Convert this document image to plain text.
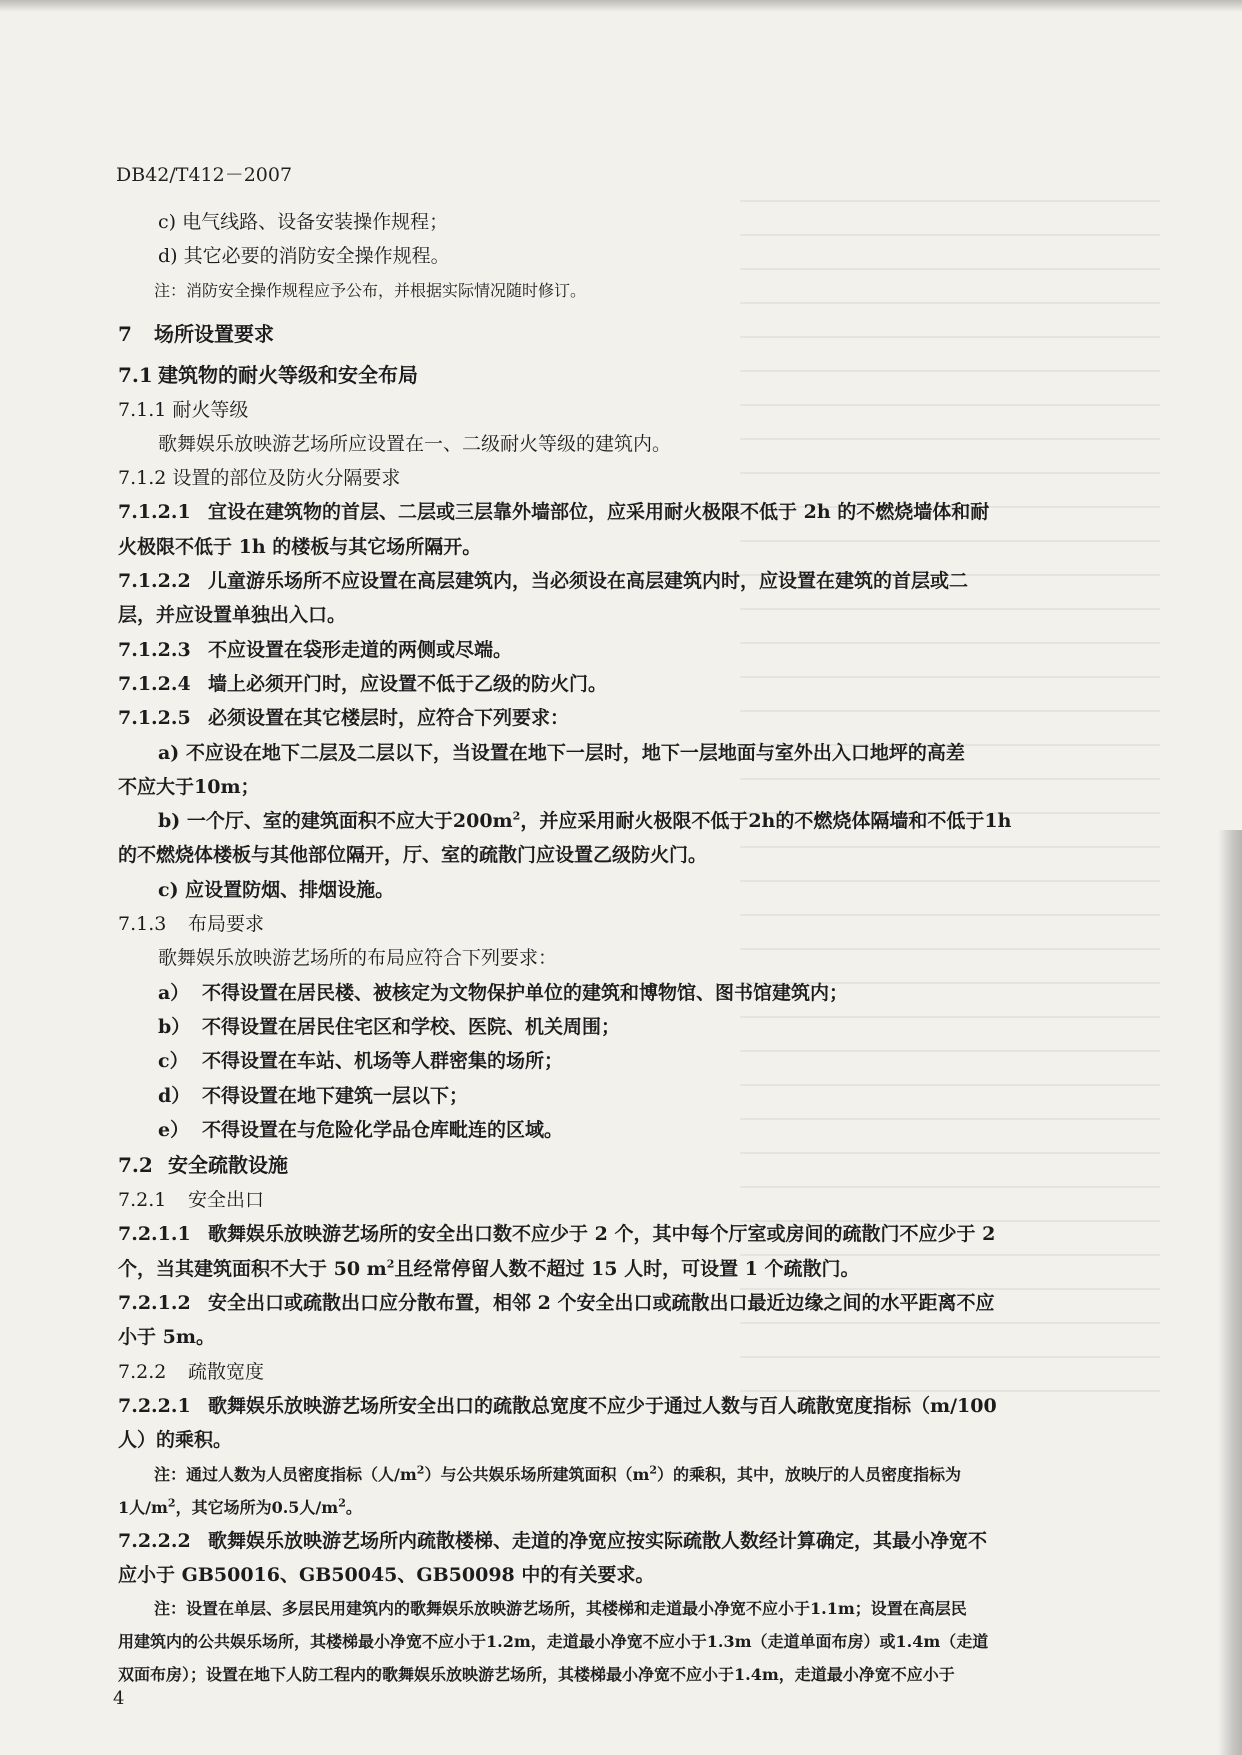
DB42/T412－2007
c) 电气线路、设备安装操作规程；
d) 其它必要的消防安全操作规程。
注：消防安全操作规程应予公布，并根据实际情况随时修订。
7 场所设置要求
7.1 建筑物的耐火等级和安全布局
7.1.1 耐火等级
歌舞娱乐放映游艺场所应设置在一、二级耐火等级的建筑内。
7.1.2 设置的部位及防火分隔要求
7.1.2.1 宜设在建筑物的首层、二层或三层靠外墙部位，应采用耐火极限不低于 2h 的不燃烧墙体和耐
火极限不低于 1h 的楼板与其它场所隔开。
7.1.2.2 儿童游乐场所不应设置在高层建筑内，当必须设在高层建筑内时，应设置在建筑的首层或二
层，并应设置单独出入口。
7.1.2.3 不应设置在袋形走道的两侧或尽端。
7.1.2.4 墙上必须开门时，应设置不低于乙级的防火门。
7.1.2.5 必须设置在其它楼层时，应符合下列要求：
a) 不应设在地下二层及二层以下，当设置在地下一层时，地下一层地面与室外出入口地坪的高差
不应大于10m；
b) 一个厅、室的建筑面积不应大于$200m^2$，并应采用耐火极限不低于2h的不燃烧体隔墙和不低于1h
的不燃烧体楼板与其他部位隔开，厅、室的疏散门应设置乙级防火门。
c) 应设置防烟、排烟设施。
7.1.3 布局要求
歌舞娱乐放映游艺场所的布局应符合下列要求：
a） 不得设置在居民楼、被核定为文物保护单位的建筑和博物馆、图书馆建筑内；
b） 不得设置在居民住宅区和学校、医院、机关周围；
c） 不得设置在车站、机场等人群密集的场所；
d） 不得设置在地下建筑一层以下；
e） 不得设置在与危险化学品仓库毗连的区域。
7.2 安全疏散设施
7.2.1 安全出口
7.2.1.1 歌舞娱乐放映游艺场所的安全出口数不应少于 2 个，其中每个厅室或房间的疏散门不应少于 2
个，当其建筑面积不大于 50 $m^2$且经常停留人数不超过 15 人时，可设置 1 个疏散门。
7.2.1.2 安全出口或疏散出口应分散布置，相邻 2 个安全出口或疏散出口最近边缘之间的水平距离不应
小于 5m。
7.2.2 疏散宽度
7.2.2.1 歌舞娱乐放映游艺场所安全出口的疏散总宽度不应少于通过人数与百人疏散宽度指标（m/100
人）的乘积。
注：通过人数为人员密度指标（人$/m^2$）与公共娱乐场所建筑面积$(m^2)$的乘积，其中，放映厅的人员密度指标为
1人$/m^2$，其它场所为0.5人$/m^2$。
7.2.2.2 歌舞娱乐放映游艺场所内疏散楼梯、走道的净宽应按实际疏散人数经计算确定，其最小净宽不
应小于 GB50016、GB50045、GB50098 中的有关要求。
注：设置在单层、多层民用建筑内的歌舞娱乐放映游艺场所，其楼梯和走道最小净宽不应小于1.1m；设置在高层民
用建筑内的公共娱乐场所，其楼梯最小净宽不应小于1.2m，走道最小净宽不应小于1.3m（走道单面布房）或1.4m（走道
双面布房）；设置在地下人防工程内的歌舞娱乐放映游艺场所，其楼梯最小净宽不应小于1.4m，走道最小净宽不应小于
4
